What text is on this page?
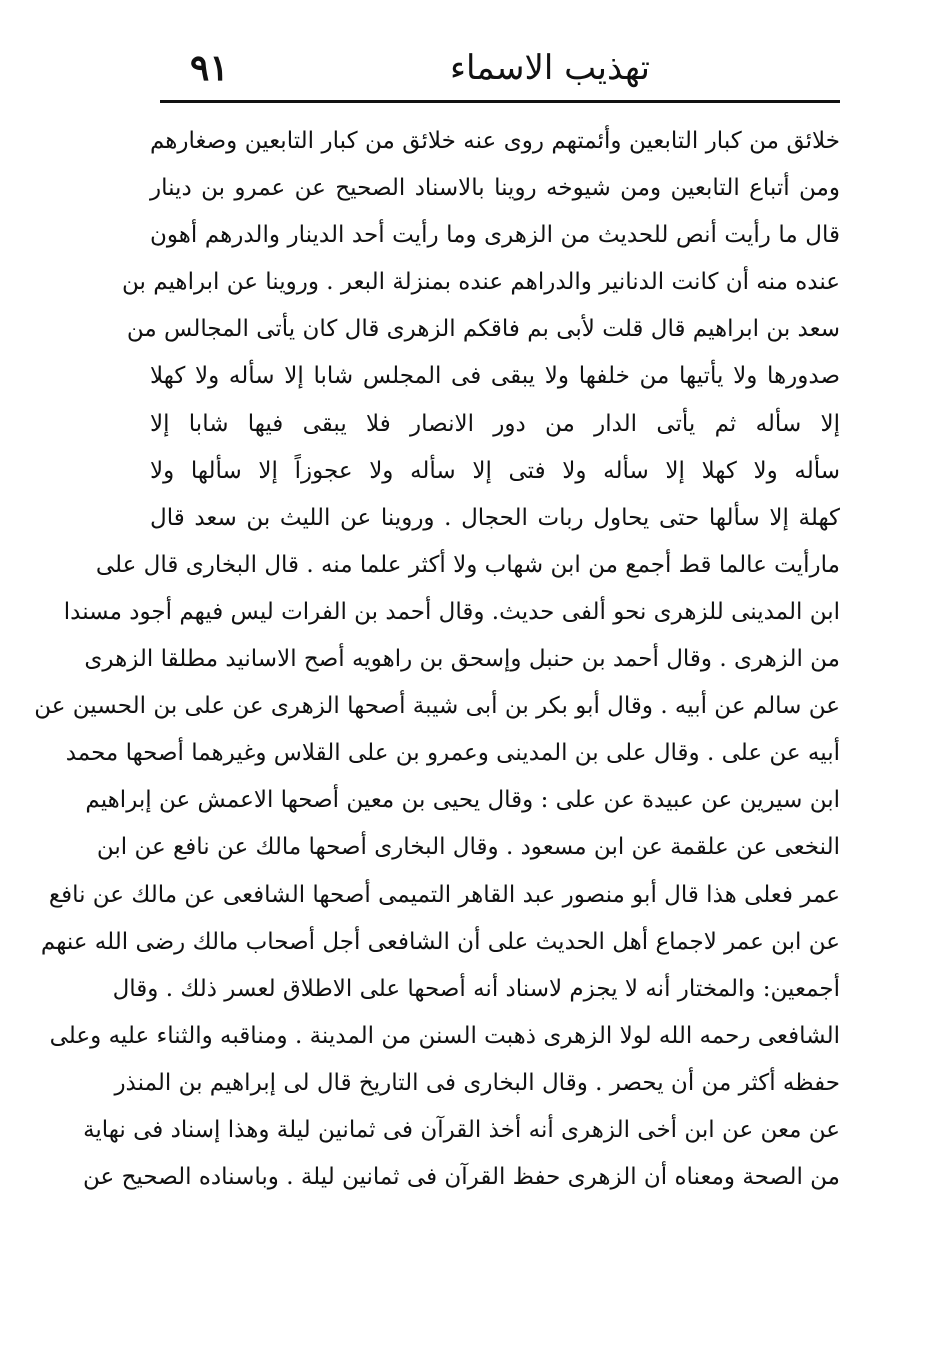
تهذيب الاسماء
٩١
خلائق من كبار التابعين وأئمتهم روى عنه خلائق من كبار التابعين وصغارهم
ومن أتباع التابعين ومن شيوخه روينا بالاسناد الصحيح عن عمرو بن دينار
قال ما رأيت أنص للحديث من الزهرى وما رأيت أحد الدينار والدرهم أهون
عنده منه أن كانت الدنانير والدراهم عنده بمنزلة البعر . وروينا عن ابراهيم بن
سعد بن ابراهيم قال قلت لأبى بم فاقكم الزهرى قال كان يأتى المجالس من
صدورها ولا يأتيها من خلفها ولا يبقى فى المجلس شابا إلا سأله ولا كهلا
إلا سأله ثم يأتى الدار من دور الانصار فلا يبقى فيها شابا إلا
سأله ولا كهلا إلا سأله ولا فتى إلا سأله ولا عجوزاً إلا سألها ولا
كهلة إلا سألها حتى يحاول ربات الحجال . وروينا عن الليث بن سعد قال
مارأيت عالما قط أجمع من ابن شهاب ولا أكثر علما منه . قال البخارى قال على
ابن المدينى للزهرى نحو ألفى حديث. وقال أحمد بن الفرات ليس فيهم أجود مسندا
من الزهرى . وقال أحمد بن حنبل وإسحق بن راهويه أصح الاسانيد مطلقا الزهرى
عن سالم عن أبيه . وقال أبو بكر بن أبى شيبة أصحها الزهرى عن على بن الحسين عن
أبيه عن على . وقال على بن المدينى وعمرو بن على القلاس وغيرهما أصحها محمد
ابن سيرين عن عبيدة عن على : وقال يحيى بن معين أصحها الاعمش عن إبراهيم
النخعى عن علقمة عن ابن مسعود . وقال البخارى أصحها مالك عن نافع عن ابن
عمر فعلى هذا قال أبو منصور عبد القاهر التميمى أصحها الشافعى عن مالك عن نافع
عن ابن عمر لاجماع أهل الحديث على أن الشافعى أجل أصحاب مالك رضى الله عنهم
أجمعين: والمختار أنه لا يجزم لاسناد أنه أصحها على الاطلاق لعسر ذلك . وقال
الشافعى رحمه الله لولا الزهرى ذهبت السنن من المدينة . ومناقبه والثناء عليه وعلى
حفظه أكثر من أن يحصر . وقال البخارى فى التاريخ قال لى إبراهيم بن المنذر
عن معن عن ابن أخى الزهرى أنه أخذ القرآن فى ثمانين ليلة وهذا إسناد فى نهاية
من الصحة ومعناه أن الزهرى حفظ القرآن فى ثمانين ليلة . وباسناده الصحيح عن
